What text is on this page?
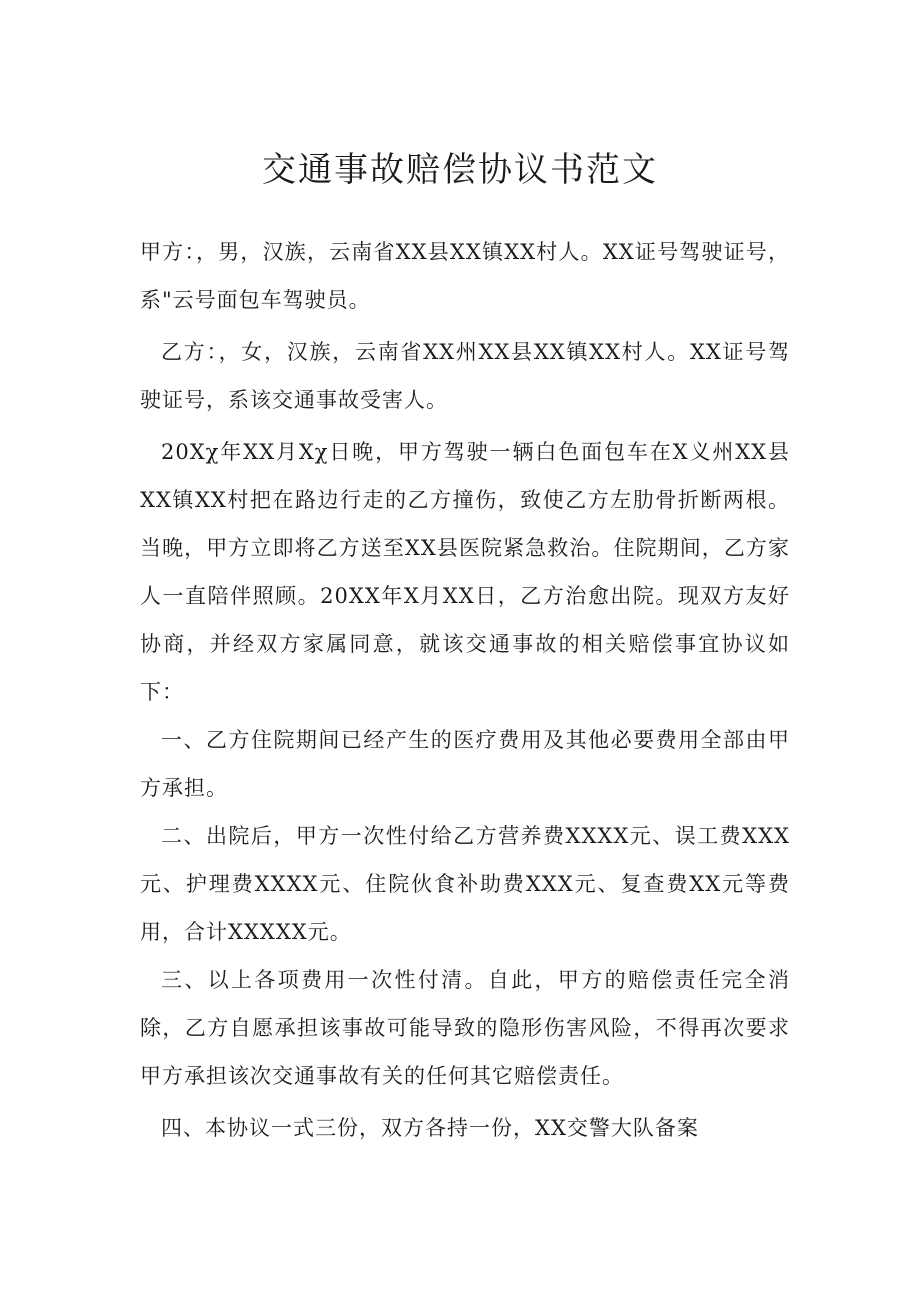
交通事故赔偿协议书范文

甲方：，男，汉族，云南省XX县XX镇XX村人。XX证号驾驶证号，系"云号面包车驾驶员。

乙方：，女，汉族，云南省XX州XX县XX镇XX村人。XX证号驾驶证号，系该交通事故受害人。

20Xχ年XX月Xχ日晚，甲方驾驶一辆白色面包车在X义州XX县XX镇XX村把在路边行走的乙方撞伤，致使乙方左肋骨折断两根。当晚，甲方立即将乙方送至XX县医院紧急救治。住院期间，乙方家人一直陪伴照顾。20XX年X月XX日，乙方治愈出院。现双方友好协商，并经双方家属同意，就该交通事故的相关赔偿事宜协议如下：

一、乙方住院期间已经产生的医疗费用及其他必要费用全部由甲方承担。

二、出院后，甲方一次性付给乙方营养费XXXX元、误工费XXX元、护理费XXXX元、住院伙食补助费XXX元、复查费XX元等费用，合计XXXXX元。

三、以上各项费用一次性付清。自此，甲方的赔偿责任完全消除，乙方自愿承担该事故可能导致的隐形伤害风险，不得再次要求甲方承担该次交通事故有关的任何其它赔偿责任。

四、本协议一式三份，双方各持一份，XX交警大队备案
